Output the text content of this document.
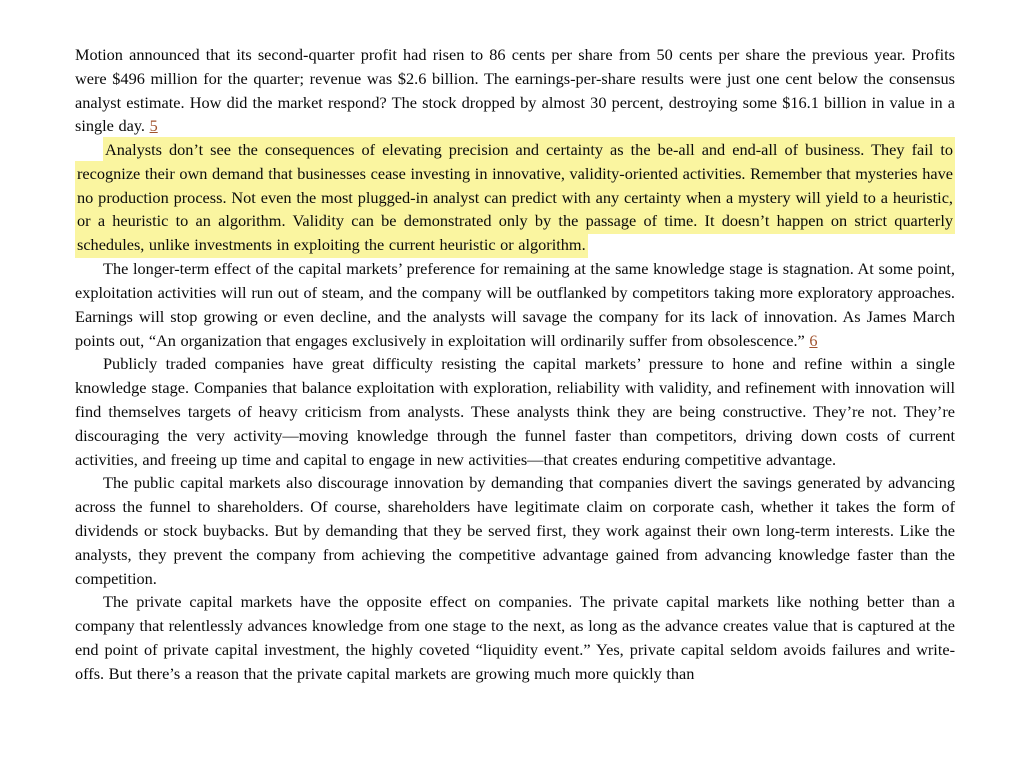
Motion announced that its second-quarter profit had risen to 86 cents per share from 50 cents per share the previous year. Profits were $496 million for the quarter; revenue was $2.6 billion. The earnings-per-share results were just one cent below the consensus analyst estimate. How did the market respond? The stock dropped by almost 30 percent, destroying some $16.1 billion in value in a single day. 5

Analysts don’t see the consequences of elevating precision and certainty as the be-all and end-all of business. They fail to recognize their own demand that businesses cease investing in innovative, validity-oriented activities. Remember that mysteries have no production process. Not even the most plugged-in analyst can predict with any certainty when a mystery will yield to a heuristic, or a heuristic to an algorithm. Validity can be demonstrated only by the passage of time. It doesn’t happen on strict quarterly schedules, unlike investments in exploiting the current heuristic or algorithm.

The longer-term effect of the capital markets’ preference for remaining at the same knowledge stage is stagnation. At some point, exploitation activities will run out of steam, and the company will be outflanked by competitors taking more exploratory approaches. Earnings will stop growing or even decline, and the analysts will savage the company for its lack of innovation. As James March points out, “An organization that engages exclusively in exploitation will ordinarily suffer from obsolescence.” 6

Publicly traded companies have great difficulty resisting the capital markets’ pressure to hone and refine within a single knowledge stage. Companies that balance exploitation with exploration, reliability with validity, and refinement with innovation will find themselves targets of heavy criticism from analysts. These analysts think they are being constructive. They’re not. They’re discouraging the very activity—moving knowledge through the funnel faster than competitors, driving down costs of current activities, and freeing up time and capital to engage in new activities—that creates enduring competitive advantage.

The public capital markets also discourage innovation by demanding that companies divert the savings generated by advancing across the funnel to shareholders. Of course, shareholders have legitimate claim on corporate cash, whether it takes the form of dividends or stock buybacks. But by demanding that they be served first, they work against their own long-term interests. Like the analysts, they prevent the company from achieving the competitive advantage gained from advancing knowledge faster than the competition.

The private capital markets have the opposite effect on companies. The private capital markets like nothing better than a company that relentlessly advances knowledge from one stage to the next, as long as the advance creates value that is captured at the end point of private capital investment, the highly coveted “liquidity event.” Yes, private capital seldom avoids failures and write-offs. But there’s a reason that the private capital markets are growing much more quickly than
